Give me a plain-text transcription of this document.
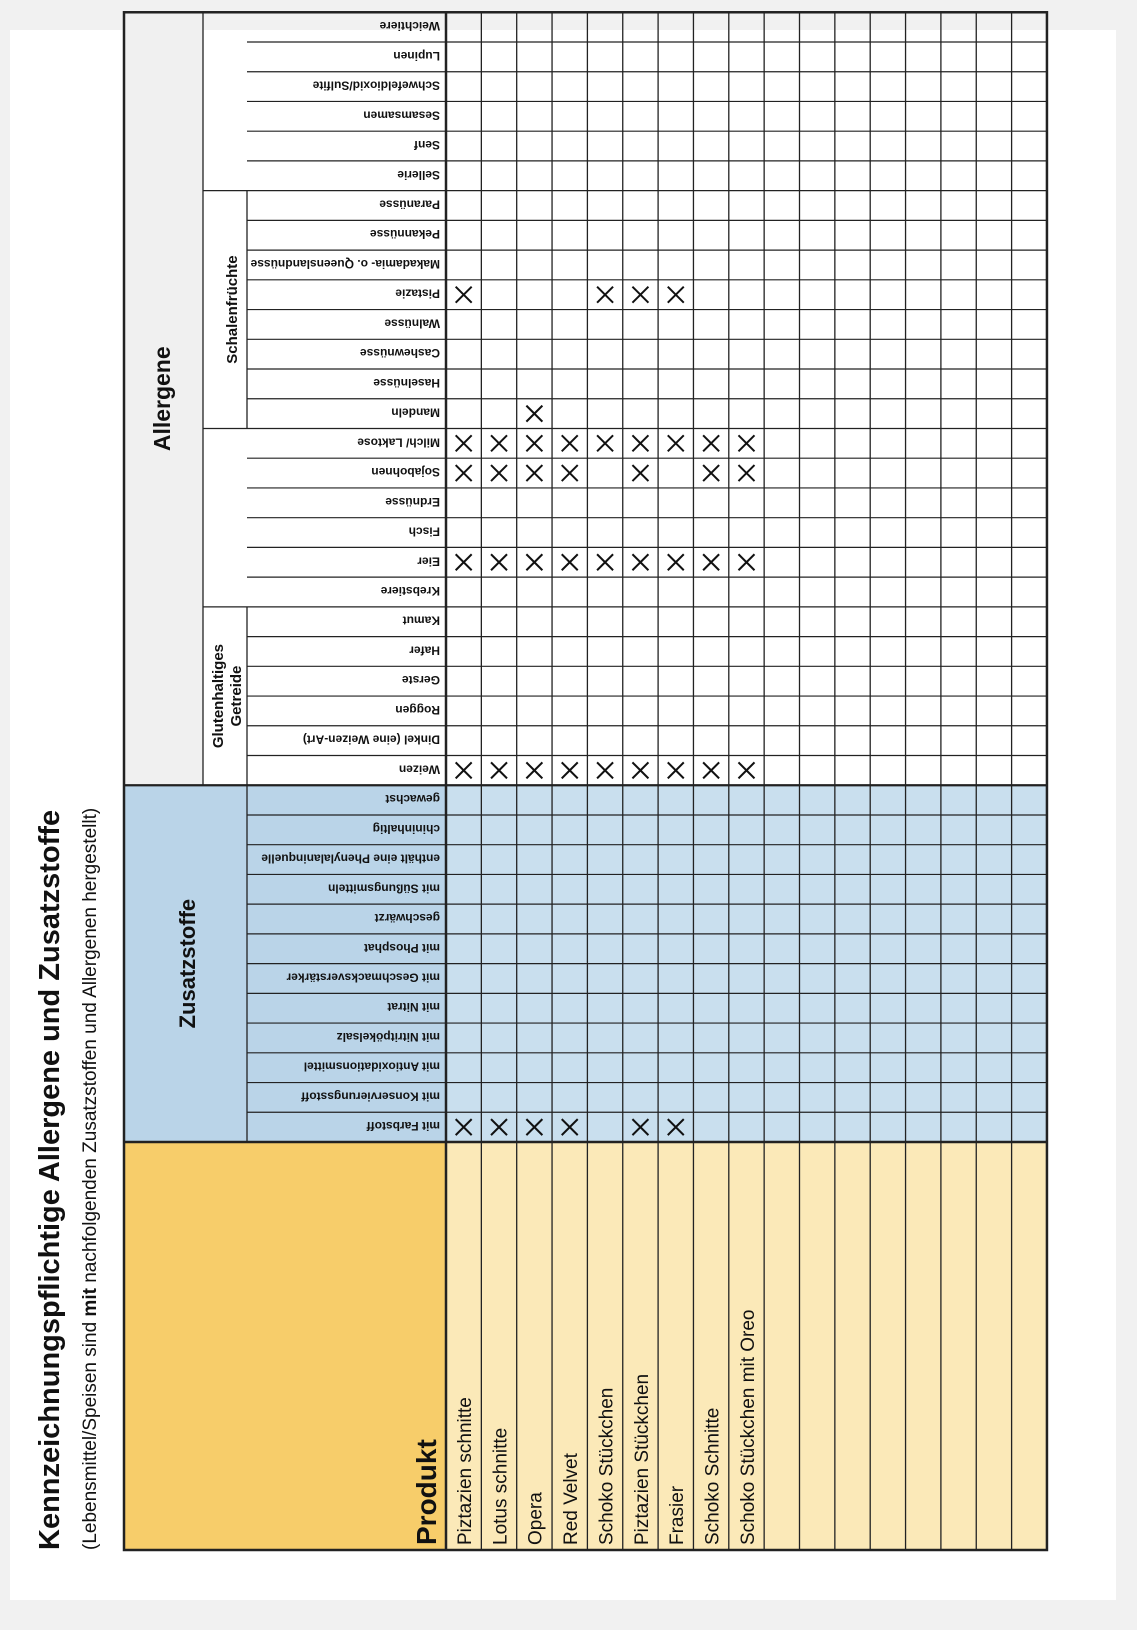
Kennzeichnungspflichtige Allergene und Zusatzstoffe (Lebensmittel/Speisen sind mit nachfolgenden Zusatzstoffen und Allergenen hergestellt)
Produkt
Zusatzstoffe
Allergene
Glutenhaltiges Getreide
Schalenfrüchte
mit Farbstoff
mit Konservierungsstoff
mit Antioxidationsmittel
mit Nitritpökelsalz
mit Nitrat
mit Geschmacksverstärker
mit Phosphat
geschwärzt
mit Süßungsmitteln
enthält eine Phenylalaninquelle
chininhaltig
gewachst
Weizen
Dinkel (eine Weizen-Art)
Roggen
Gerste
Hafer
Kamut
Krebstiere
Eier
Fisch
Erdnüsse
Sojabohnen
Milch/ Laktose
Mandeln
Haselnüsse
Cashewnüsse
Walnüsse
Pistazie
Makadamia- o. Queenslandnüsse
Pekannüsse
Paranüsse
Sellerie
Senf
Sesamsamen
Schwefeldioxid/Sulfite
Lupinen
Weichtiere
Piztazien schnitte Lotus schnitte Opera Red Velvet Schoko Stückchen Piztazien Stückchen Frasier Schoko Schnitte Schoko Stückchen mit Oreo
